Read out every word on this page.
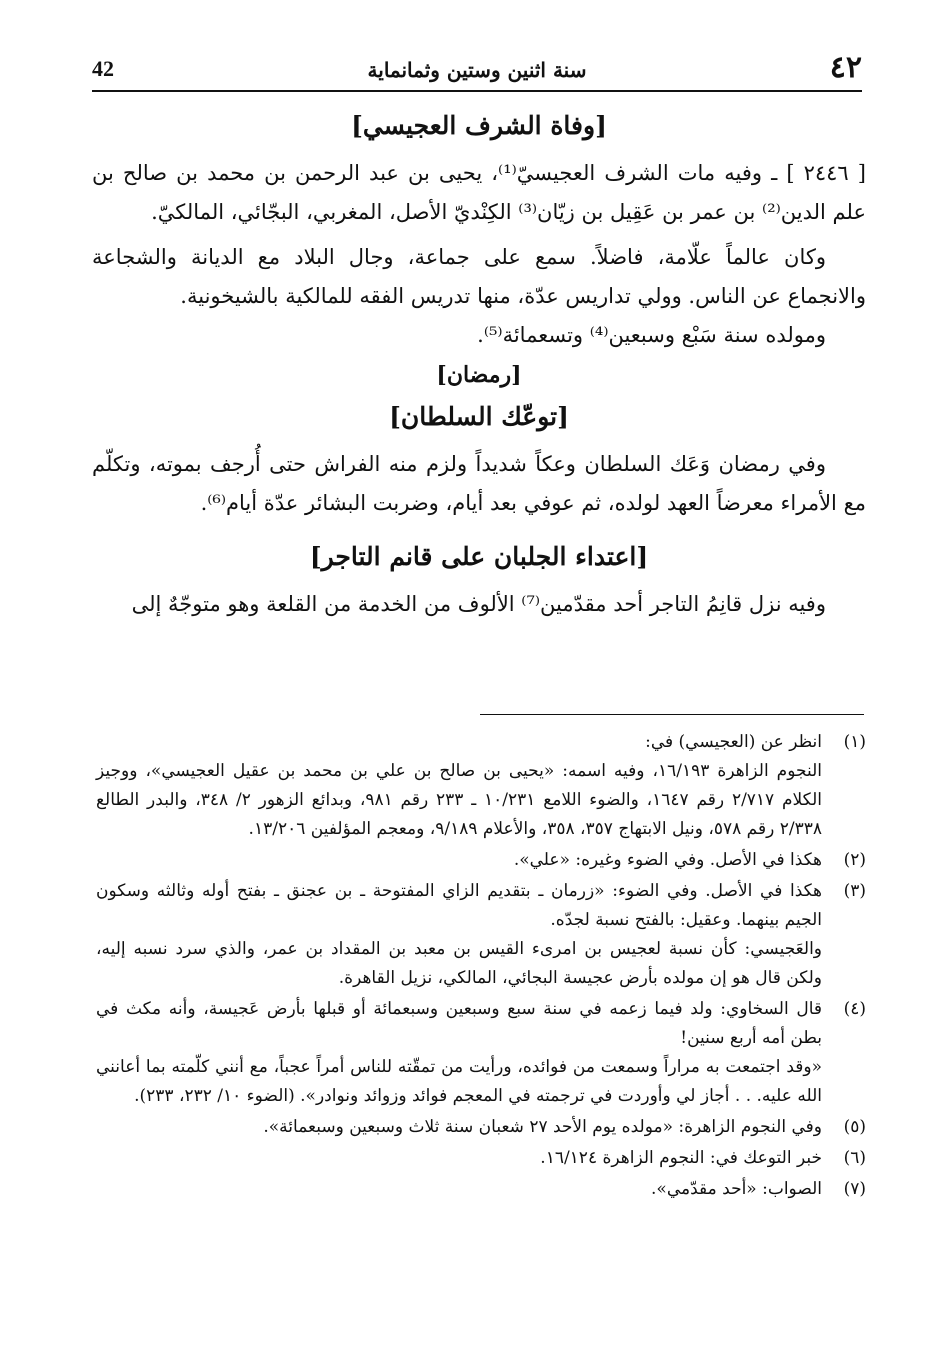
٤٢
سنة اثنين وستين وثمانماية
42
[وفاة الشرف العجيسي]

[ ٢٤٤٦ ] ـ وفيه مات الشرف العجيسيّ⁽¹⁾، يحيى بن عبد الرحمن بن محمد بن صالح بن علم الدين⁽²⁾ بن عمر بن عَقِيل بن زيّان⁽³⁾ الكِنْديّ الأصل، المغربي، البجّائي، المالكيّ.

وكان عالماً علّامة، فاضلاً. سمع على جماعة، وجال البلاد مع الديانة والشجاعة والانجماع عن الناس. وولي تداريس عدّة، منها تدريس الفقه للمالكية بالشيخونية.

ومولده سنة سَبْع وسبعين⁽⁴⁾ وتسعمائة⁽⁵⁾.

[رمضان]
[توعّك السلطان]

وفي رمضان وَعَك السلطان وعكاً شديداً ولزم منه الفراش حتى أُرجف بموته، وتكلّم مع الأمراء معرضاً العهد لولده، ثم عوفي بعد أيام، وضربت البشائر عدّة أيام⁽⁶⁾.

[اعتداء الجلبان على قانم التاجر]

وفيه نزل قانِمُ التاجر أحد مقدّمين⁽⁷⁾ الألوف من الخدمة من القلعة وهو متوجّهٌ إلى

(١)
انظر عن (العجيسي) في:
النجوم الزاهرة ١٦/١٩٣، وفيه اسمه: «يحيى بن صالح بن علي بن محمد بن عقيل العجيسي»، ووجيز الكلام ٢/٧١٧ رقم ١٦٤٧، والضوء اللامع ١٠/٢٣١ ـ ٢٣٣ رقم ٩٨١، وبدائع الزهور ٢/ ٣٤٨، والبدر الطالع ٢/٣٣٨ رقم ٥٧٨، ونيل الابتهاج ٣٥٧، ٣٥٨، والأعلام ٩/١٨٩، ومعجم المؤلفين ١٣/٢٠٦.
(٢)
هكذا في الأصل. وفي الضوء وغيره: «علي».
(٣)
هكذا في الأصل. وفي الضوء: «زرمان ـ بتقديم الزاي المفتوحة ـ بن عجنق ـ بفتح أوله وثالثه وسكون الجيم بينهما. وعقيل: بالفتح نسبة لجدّه.
والعَجيسي: كأن نسبة لعجيس بن امرىء القيس بن معبد بن المقداد بن عمر، والذي سرد نسبه إليه، ولكن قال هو إن مولده بأرض عجيسة البجائي، المالكي، نزيل القاهرة.
(٤)
قال السخاوي: ولد فيما زعمه في سنة سبع وسبعين وسبعمائة أو قبلها بأرض عَجيسة، وأنه مكث في بطن أمه أربع سنين!
«وقد اجتمعت به مراراً وسمعت من فوائده، ورأيت من تمقّته للناس أمراً عجباً، مع أنني كلّمته بما أعانني الله عليه. . . أجاز لي وأوردت في ترجمته في المعجم فوائد وزوائد ونوادر». (الضوء ١٠/ ٢٣٢، ٢٣٣).
(٥)
وفي النجوم الزاهرة: «مولده يوم الأحد ٢٧ شعبان سنة ثلاث وسبعين وسبعمائة».
(٦)
خبر التوعك في: النجوم الزاهرة ١٦/١٢٤.
(٧)
الصواب: «أحد مقدّمي».
